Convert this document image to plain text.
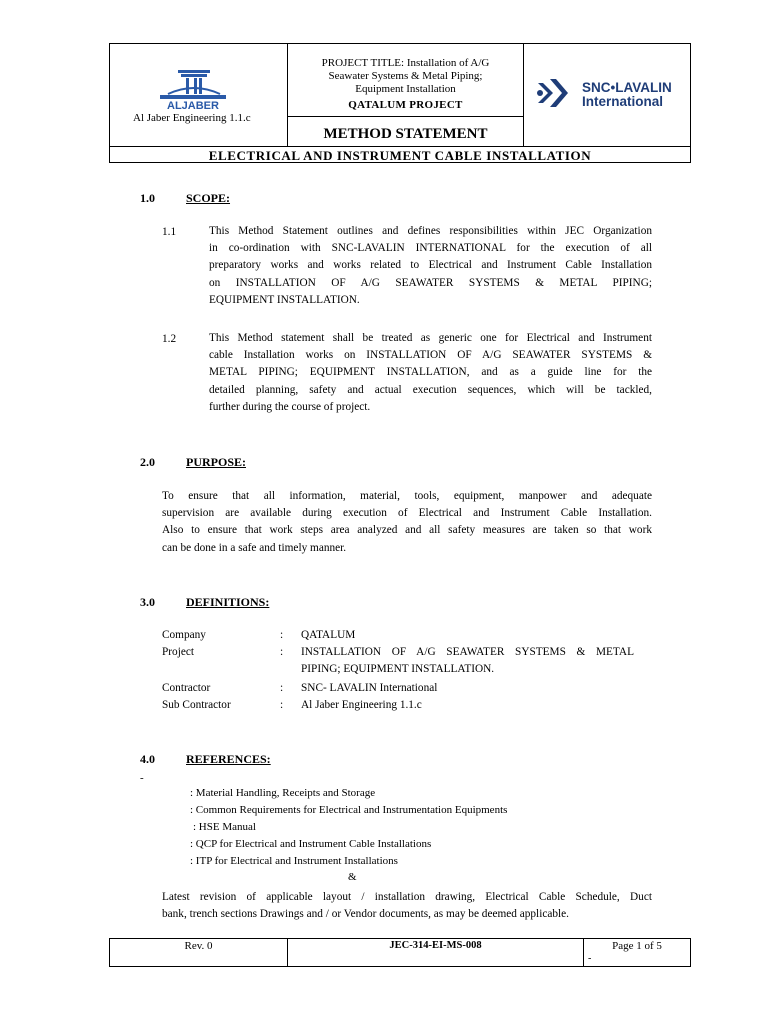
ALJABER
Al Jaber Engineering 1.1.c
PROJECT TITLE: Installation of A/G
Seawater Systems & Metal Piping;
Equipment Installation
QATALUM PROJECT
METHOD STATEMENT
SNC•LAVALIN
International
ELECTRICAL AND INSTRUMENT CABLE INSTALLATION
1.0	SCOPE:
1.1	This Method Statement outlines and defines responsibilities within JEC Organization
in co-ordination with SNC-LAVALIN INTERNATIONAL for the execution of all
preparatory works and works related to Electrical and Instrument Cable Installation
on INSTALLATION OF A/G SEAWATER SYSTEMS & METAL PIPING;
EQUIPMENT INSTALLATION.
1.2	This Method statement shall be treated as generic one for Electrical and Instrument
cable Installation works on INSTALLATION OF A/G SEAWATER SYSTEMS &
METAL PIPING; EQUIPMENT INSTALLATION, and as a guide line for the
detailed planning, safety and actual execution sequences, which will be tackled,
further during the course of project.
2.0	PURPOSE:
To ensure that all information, material, tools, equipment, manpower and adequate
supervision are available during execution of Electrical and Instrument Cable Installation.
Also to ensure that work steps area analyzed and all safety measures are taken so that work
can be done in a safe and timely manner.
3.0	DEFINITIONS:
Company	: QATALUM
Project	: INSTALLATION OF A/G SEAWATER SYSTEMS & METAL
PIPING; EQUIPMENT INSTALLATION.
Contractor	: SNC- LAVALIN International
Sub Contractor	: Al Jaber Engineering 1.1.c
4.0	REFERENCES:
-
: Material Handling, Receipts and Storage
: Common Requirements for Electrical and Instrumentation Equipments
: HSE Manual
: QCP for Electrical and Instrument Cable Installations
: ITP for Electrical and Instrument Installations
&
Latest revision of applicable layout / installation drawing, Electrical Cable Schedule, Duct
bank, trench sections Drawings and / or Vendor documents, as may be deemed applicable.
Rev. 0	JEC-314-EI-MS-008	Page 1 of 5
-
